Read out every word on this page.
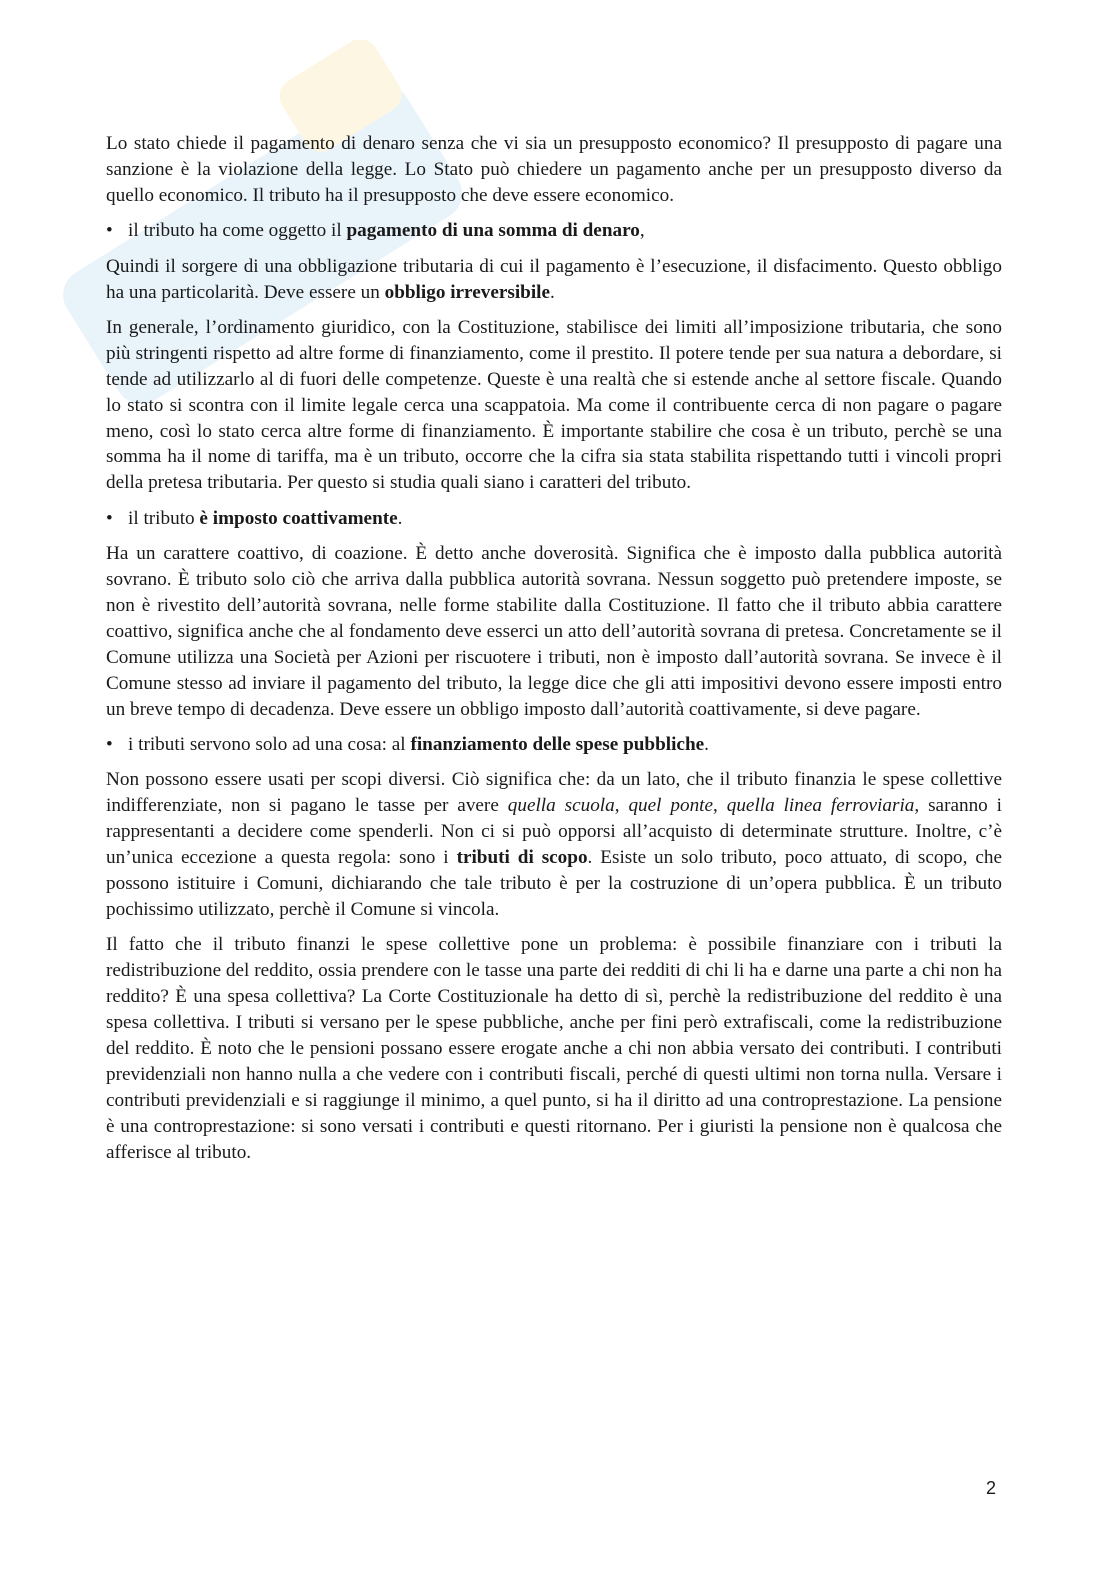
Lo stato chiede il pagamento di denaro senza che vi sia un presupposto economico? Il presupposto di pagare una sanzione è la violazione della legge. Lo Stato può chiedere un pagamento anche per un presupposto diverso da quello economico. Il tributo ha il presupposto che deve essere economico.

• il tributo ha come oggetto il pagamento di una somma di denaro,

Quindi il sorgere di una obbligazione tributaria di cui il pagamento è l’esecuzione, il disfacimento. Questo obbligo ha una particolarità. Deve essere un obbligo irreversibile.

In generale, l’ordinamento giuridico, con la Costituzione, stabilisce dei limiti all’imposizione tributaria, che sono più stringenti rispetto ad altre forme di finanziamento, come il prestito. Il potere tende per sua natura a debordare, si tende ad utilizzarlo al di fuori delle competenze. Queste è una realtà che si estende anche al settore fiscale. Quando lo stato si scontra con il limite legale cerca una scappatoia. Ma come il contribuente cerca di non pagare o pagare meno, così lo stato cerca altre forme di finanziamento. È importante stabilire che cosa è un tributo, perchè se una somma ha il nome di tariffa, ma è un tributo, occorre che la cifra sia stata stabilita rispettando tutti i vincoli propri della pretesa tributaria. Per questo si studia quali siano i caratteri del tributo.

• il tributo è imposto coattivamente.

Ha un carattere coattivo, di coazione. È detto anche doverosità. Significa che è imposto dalla pubblica autorità sovrano. È tributo solo ciò che arriva dalla pubblica autorità sovrana. Nessun soggetto può pretendere imposte, se non è rivestito dell’autorità sovrana, nelle forme stabilite dalla Costituzione. Il fatto che il tributo abbia carattere coattivo, significa anche che al fondamento deve esserci un atto dell’autorità sovrana di pretesa. Concretamente se il Comune utilizza una Società per Azioni per riscuotere i tributi, non è imposto dall’autorità sovrana. Se invece è il Comune stesso ad inviare il pagamento del tributo, la legge dice che gli atti impositivi devono essere imposti entro un breve tempo di decadenza. Deve essere un obbligo imposto dall’autorità coattivamente, si deve pagare.

• i tributi servono solo ad una cosa: al finanziamento delle spese pubbliche.

Non possono essere usati per scopi diversi. Ciò significa che: da un lato, che il tributo finanzia le spese collettive indifferenziate, non si pagano le tasse per avere quella scuola, quel ponte, quella linea ferroviaria, saranno i rappresentanti a decidere come spenderli. Non ci si può opporsi all’acquisto di determinate strutture. Inoltre, c’è un’unica eccezione a questa regola: sono i tributi di scopo. Esiste un solo tributo, poco attuato, di scopo, che possono istituire i Comuni, dichiarando che tale tributo è per la costruzione di un’opera pubblica. È un tributo pochissimo utilizzato, perchè il Comune si vincola.

Il fatto che il tributo finanzi le spese collettive pone un problema: è possibile finanziare con i tributi la redistribuzione del reddito, ossia prendere con le tasse una parte dei redditi di chi li ha e darne una parte a chi non ha reddito? È una spesa collettiva? La Corte Costituzionale ha detto di sì, perchè la redistribuzione del reddito è una spesa collettiva. I tributi si versano per le spese pubbliche, anche per fini però extrafiscali, come la redistribuzione del reddito. È noto che le pensioni possano essere erogate anche a chi non abbia versato dei contributi. I contributi previdenziali non hanno nulla a che vedere con i contributi fiscali, perché di questi ultimi non torna nulla. Versare i contributi previdenziali e si raggiunge il minimo, a quel punto, si ha il diritto ad una controprestazione. La pensione è una controprestazione: si sono versati i contributi e questi ritornano. Per i giuristi la pensione non è qualcosa che afferisce al tributo.

2
